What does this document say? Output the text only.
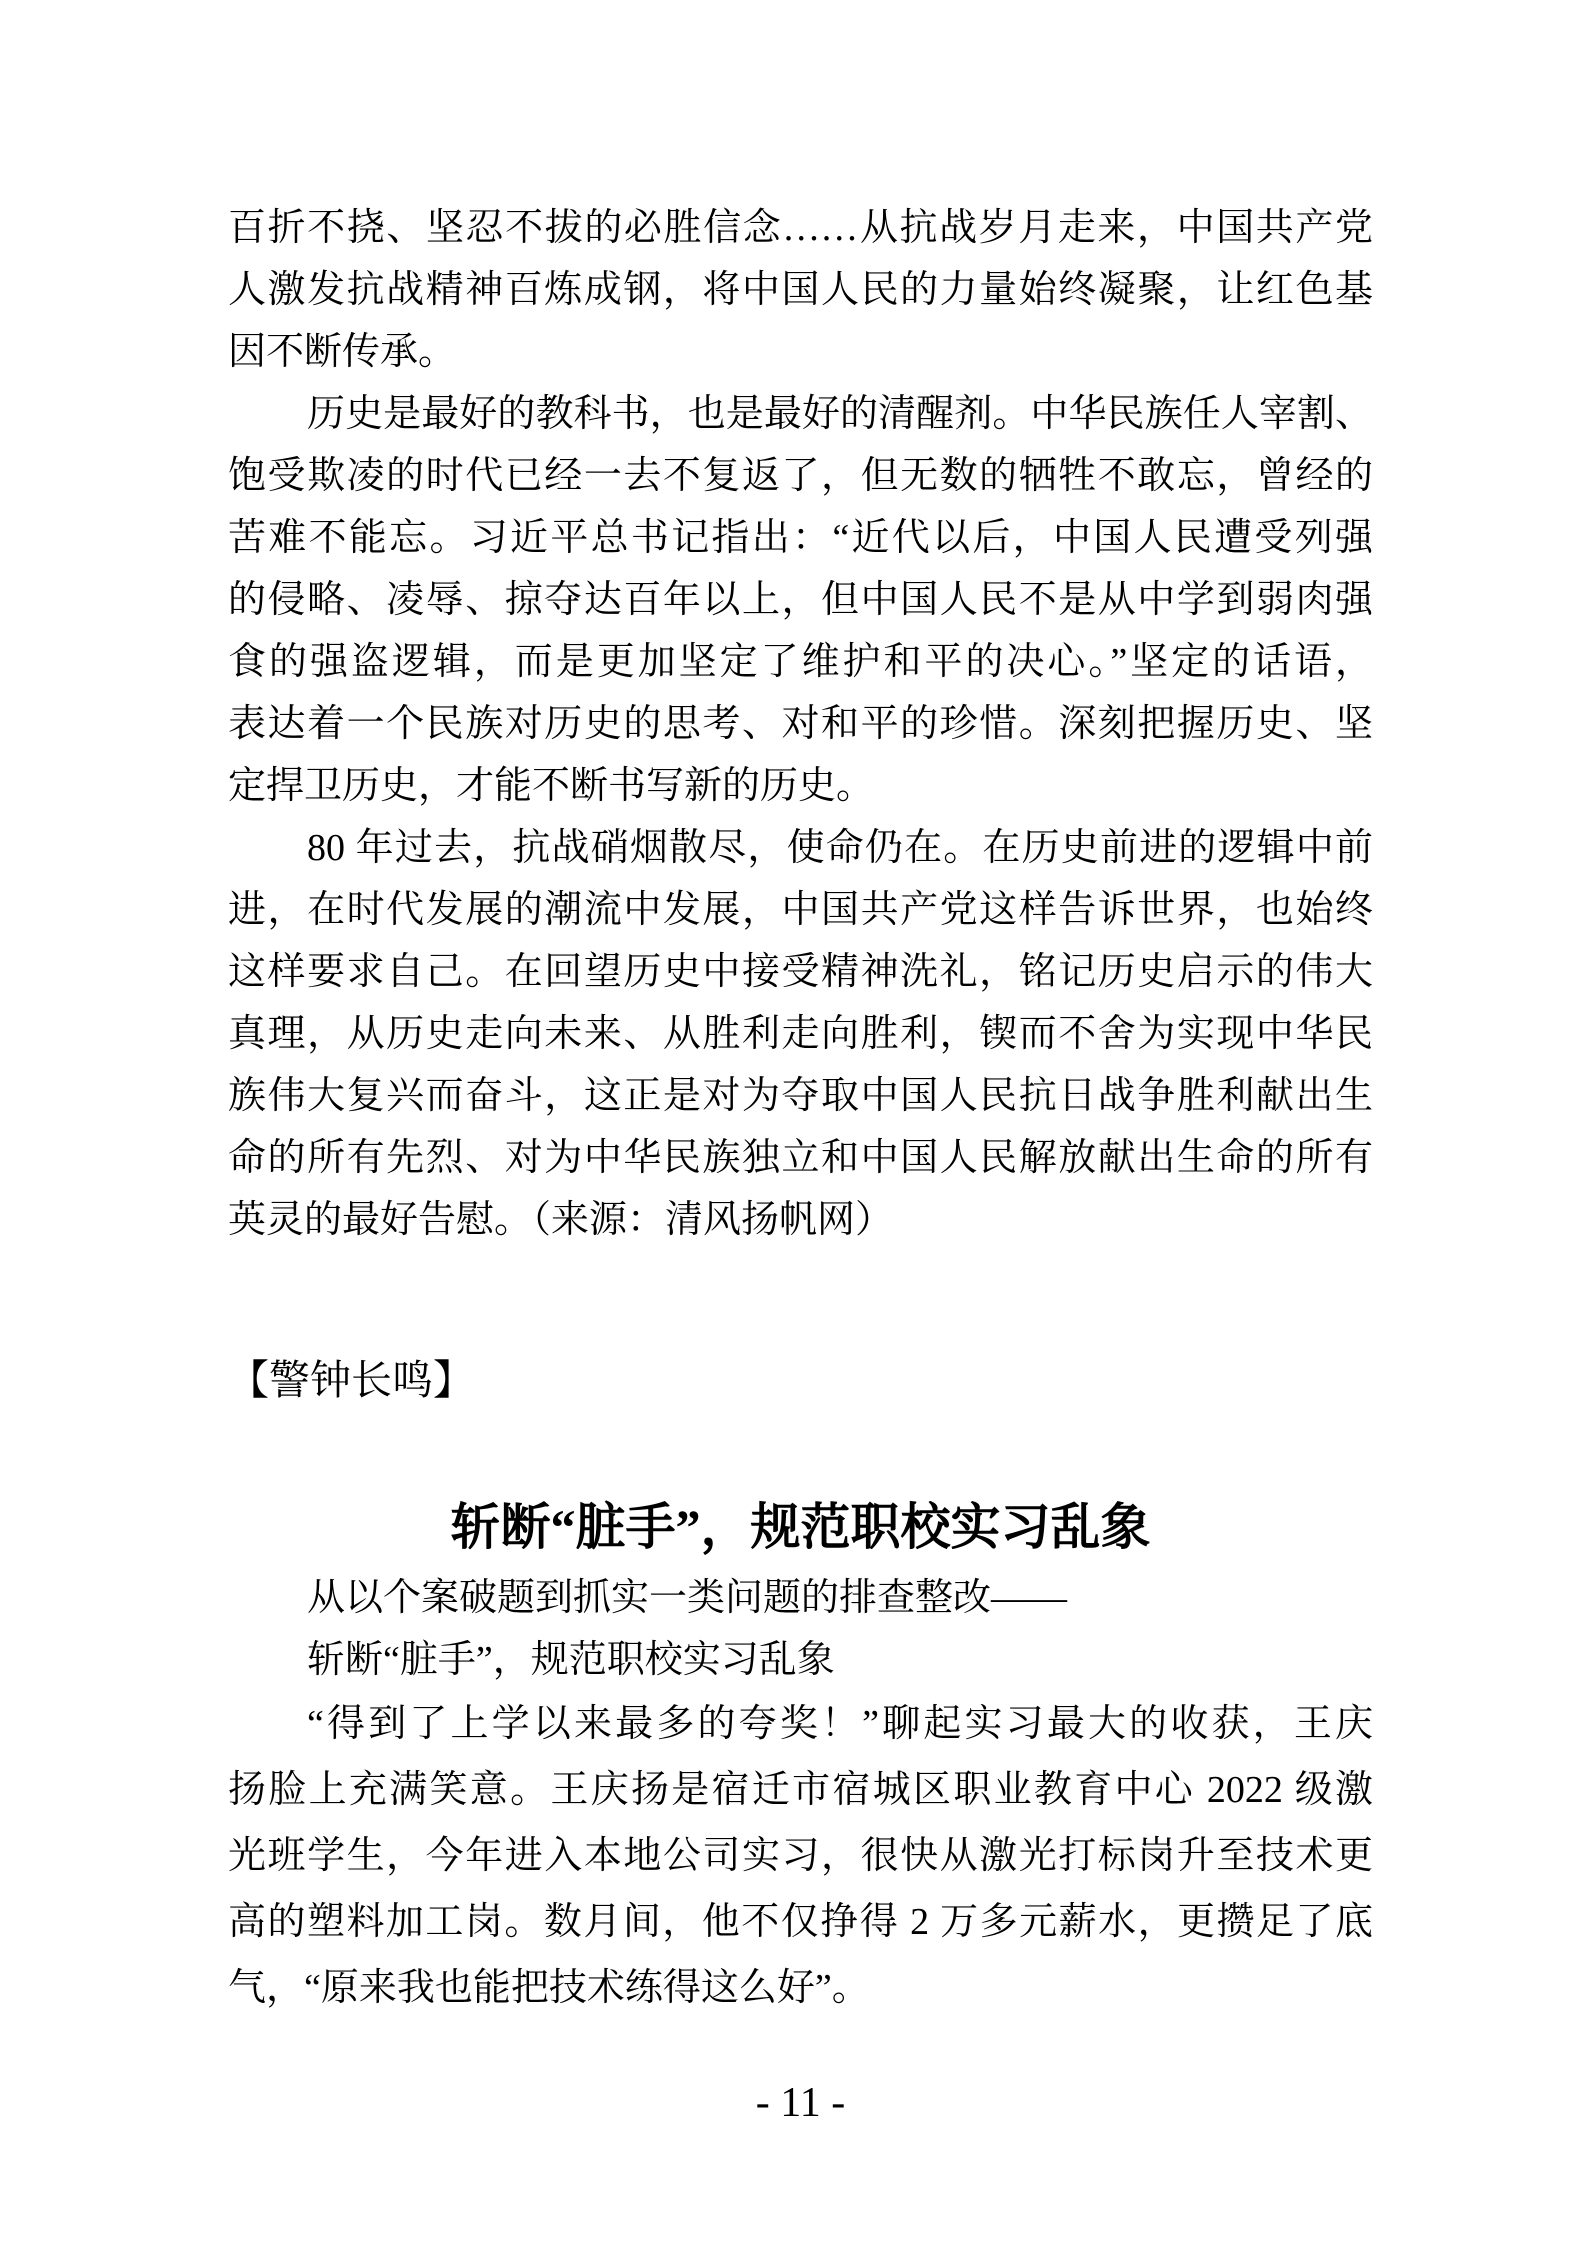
百折不挠、坚忍不拔的必胜信念……从抗战岁月走来，中国共产党
人激发抗战精神百炼成钢，将中国人民的力量始终凝聚，让红色基
因不断传承。
历史是最好的教科书，也是最好的清醒剂。中华民族任人宰割、
饱受欺凌的时代已经一去不复返了，但无数的牺牲不敢忘，曾经的
苦难不能忘。习近平总书记指出：“近代以后，中国人民遭受列强
的侵略、凌辱、掠夺达百年以上，但中国人民不是从中学到弱肉强
食的强盗逻辑，而是更加坚定了维护和平的决心。”坚定的话语，
表达着一个民族对历史的思考、对和平的珍惜。深刻把握历史、坚
定捍卫历史，才能不断书写新的历史。
80 年过去，抗战硝烟散尽，使命仍在。在历史前进的逻辑中前
进，在时代发展的潮流中发展，中国共产党这样告诉世界，也始终
这样要求自己。在回望历史中接受精神洗礼，铭记历史启示的伟大
真理，从历史走向未来、从胜利走向胜利，锲而不舍为实现中华民
族伟大复兴而奋斗，这正是对为夺取中国人民抗日战争胜利献出生
命的所有先烈、对为中华民族独立和中国人民解放献出生命的所有
英灵的最好告慰。（来源：清风扬帆网）
【警钟长鸣】
斩断“脏手”，规范职校实习乱象
从以个案破题到抓实一类问题的排查整改——
斩断“脏手”，规范职校实习乱象
“得到了上学以来最多的夸奖！”聊起实习最大的收获，王庆
扬脸上充满笑意。王庆扬是宿迁市宿城区职业教育中心 2022 级激
光班学生，今年进入本地公司实习，很快从激光打标岗升至技术更
高的塑料加工岗。数月间，他不仅挣得 2 万多元薪水，更攒足了底
气，“原来我也能把技术练得这么好”。
- 11 -
